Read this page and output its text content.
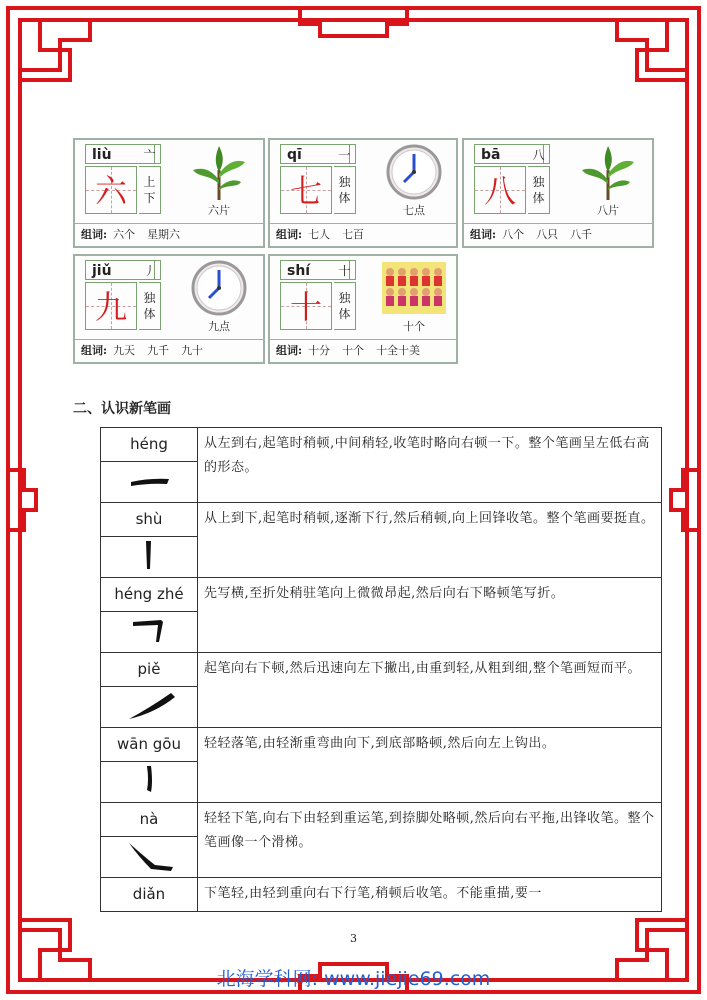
liù	亠
六	上
下
六片
组词: 六个 星期六
qī	一
七	独
体
七点
组词: 七人 七百
bā	八
八	独
体
八片
组词: 八个 八只 八千
jiǔ	丿
九	独
体
九点
组词: 九天 九千 九十
shí	十
十	独
体
十个
组词: 十分 十个 十全十美
二、认识新笔画
héng	从左到右,起笔时稍顿,中间稍轻,收笔时略向右顿一下。整个笔画呈左低右高的形态。

shù	从上到下,起笔时稍顿,逐渐下行,然后稍顿,向上回锋收笔。整个笔画要挺直。

héng zhé	先写横,至折处稍驻笔向上微微昂起,然后向右下略顿笔写折。

piě	起笔向右下顿,然后迅速向左下撇出,由重到轻,从粗到细,整个笔画短而平。

wān gōu	轻轻落笔,由轻渐重弯曲向下,到底部略顿,然后向左上钩出。

nà	轻轻下笔,向右下由轻到重运笔,到捺脚处略顿,然后向右平拖,出锋收笔。整个笔画像一个滑梯。

diǎn	下笔轻,由轻到重向右下行笔,稍顿后收笔。不能重描,要一
3
北海学科网: www.jiejie69.com
